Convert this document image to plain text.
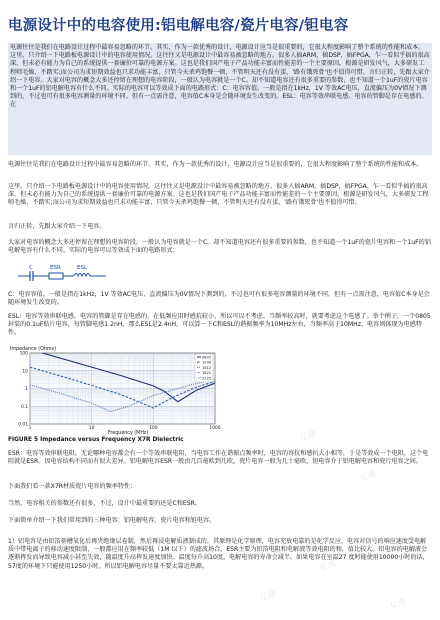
电源设计中的电容使用:铝电解电容/瓷片电容/钽电容

电源往往是我们在电路设计过程中最容易忽略的环节。其实，作为一款优秀的设计，电源设计应当是很重要的，它很大程度影响了整个系统的性能和成本。这里，只介绍一下电路板电源设计中的电容使用情况。这往往又是电源设计中最容易被忽略的地方。很多人搞ARM，搞DSP，搞FPGA，乍一看似乎搞的很高深，但未必有能力为自己的系统提供一套廉价可靠的电源方案。这也是我们国产电子产品功能丰富而性能差的一个主要原因，根源是研发风气，大多研发工程师毛燥、不踏实;而公司为求短期效益也只求功能丰富，只管今天杀鸡饱餐一顿，不管明天还有没有蛋，'路有饿死骨'也不值得可惜。言归正转，先跟大家介绍一下电容。大家对电容的概念大多还停留在理想的电容阶段，一般认为电容就是一个C。却不知道电容还有很多重要的参数，也不知道一个1uF的瓷片电容和一个1uF的铝电解电容有什么不同。实际的电容可以等效成下面的电路形式：C：电容容值。一般是指在1kHz，1V 等效AC电压，直流偏压为0V情况下测到的，不过也可有很多电容测量的环境不同。但有一点需注意，电容值C本身是会随环境发生改变的。ESL：电容等效串联电感。电容的管脚是存在电感的。在

电源往往是我们在电路设计过程中最容易忽略的环节。其实，作为一款优秀的设计，电源设计应当是很重要的，它很大程度影响了整个系统的性能和成本。

这里，只介绍一下电路板电源设计中的电容使用情况。这往往又是电源设计中最容易被忽略的地方。很多人搞ARM，搞DSP，搞FPGA，乍一看似乎搞的很高深，但未必有能力为自己的系统提供一套廉价可靠的电源方案。这也是我们国产电子产品功能丰富而性能差的一个主要原因，根源是研发风气，大多研发工程师毛燥、不踏实;而公司为求短期效益也只求功能丰富，只管今天杀鸡饱餐一顿，不管明天还有没有蛋，'路有饿死骨'也不值得可惜。

言归正转，先跟大家介绍一下电容。

大家对电容的概念大多还停留在理想的电容阶段，一般认为电容就是一个C。却不知道电容还有很多重要的参数，也不知道一个1uF的瓷片电容和一个1uF的铝电解电容有什么不同。实际的电容可以等效成下面的电路形式：

C	ESR	ESL

C：电容容值。一般是指在1kHz，1V 等效AC电压，直流偏压为0V情况下测到的，不过也可有很多电容测量的环境不同。但有一点需注意，电容值C本身是会随环境发生改变的。

ESL：电容等效串联电感。电容的管脚是存在电感的。在低频应用时感抗较小，所以可以不考虑。当频率较高时，就要考虑这个电感了。举个例子，一个0805封装的0.1uF贴片电容，每管脚电感1.2nH，那么ESL是2.4nH，可以算一下C和ESL的谐振频率为10MHz左右，当频率高于10MHz，电容则体现为电感特性。

Impedance (Ohms)
100
10
1
0.1
0.01
1	10	100	1000
0805
1206
1812
1825
2225
Frequency (MHz)
FIGURE 5 Impedance versus Frequency X7R Dielectric

ESR：电容等效串联电阻。无论哪种电容都会有一个等效串联电阻，当电容工作在谐振点频率时，电容的容抗和感抗大小相等，于是等效成一个电阻，这个电阻就是ESR。因电容结构不同而有很大差异。铝电解电容ESR一般由几百毫欧到几欧，瓷片电容一般为几十毫欧，钽电容介于铝电解电容和瓷片电容之间。

下面我们看一款X7R材质瓷片电容的频率特性：

当然，电容相关的参数还有很多，不过，设计中最重要的还是C和ESR。

下面简单介绍一下我们常用到的三种电容：铝电解电容，瓷片电容和钽电容。

1）铝电容是由铝箔刻槽氧化后再夹绝缘层卷制，然后再浸电解质液制成的，其原理是化学原理，电容充放电靠的是化学反应，电容对信号的响应速度受电解质中带电离子的移动速度限制，一般都应用在频率较低（1M 以下）的滤波场合，ESR主要为铝箔电阻和电解液等效电阻的和，值比较大。铝电容的电解液会逐渐挥发而导致电容减小甚至失效，随温度升高挥发速度加快。温度每升高10度，电解电容的寿命会减半。如果电容在室温27 度时能使用10000小时的话，57度的环境下只能使用1250小时。所以铝电解电容尽量不要太靠近热源。

亿速
亿速
亿速
亿速
亿速
